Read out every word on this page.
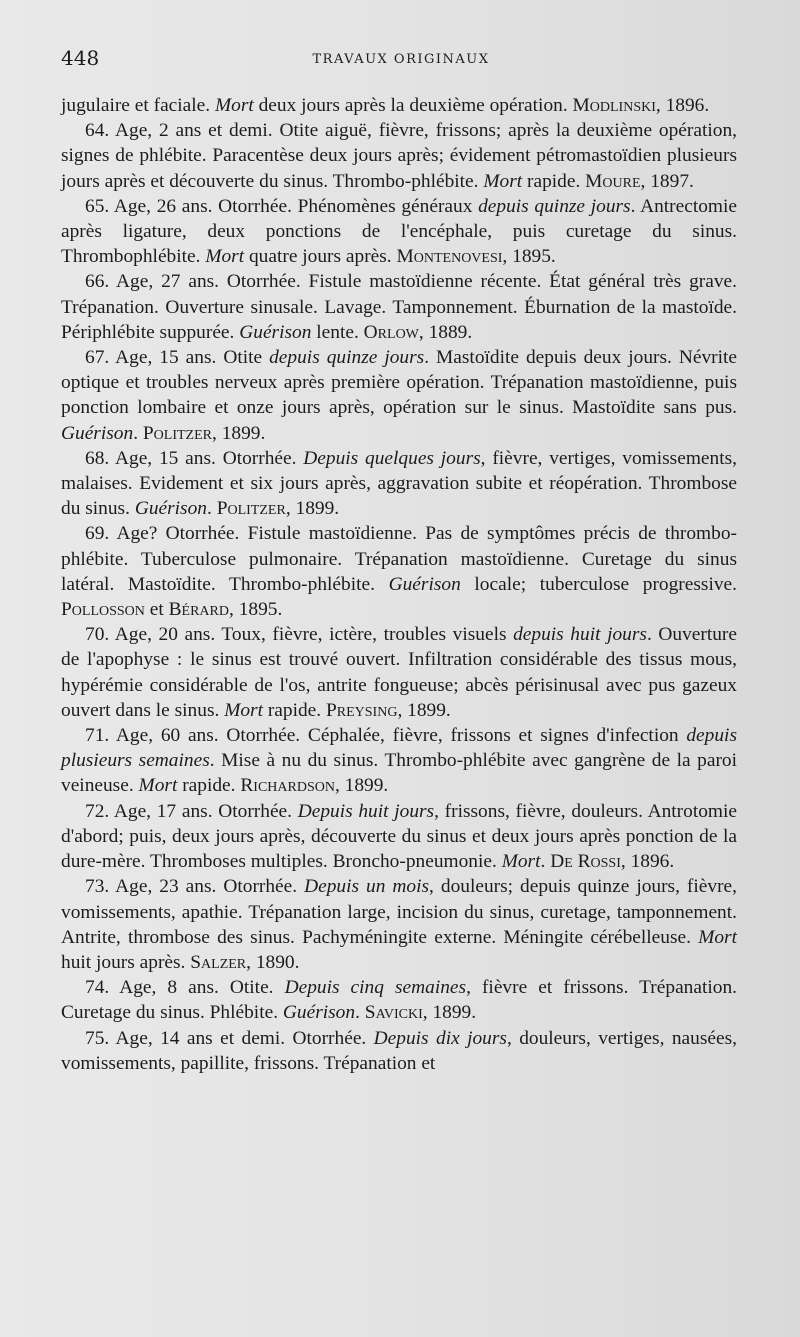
448	TRAVAUX ORIGINAUX

jugulaire et faciale. Mort deux jours après la deuxième opération. Modlinski, 1896.

64. Age, 2 ans et demi. Otite aiguë, fièvre, frissons; après la deuxième opération, signes de phlébite. Paracentèse deux jours après; évidement pétromastoïdien plusieurs jours après et découverte du sinus. Thrombo-phlébite. Mort rapide. Moure, 1897.

65. Age, 26 ans. Otorrhée. Phénomènes généraux depuis quinze jours. Antrectomie après ligature, deux ponctions de l'encéphale, puis curetage du sinus. Thrombophlébite. Mort quatre jours après. Montenovesi, 1895.

66. Age, 27 ans. Otorrhée. Fistule mastoïdienne récente. État général très grave. Trépanation. Ouverture sinusale. Lavage. Tamponnement. Éburnation de la mastoïde. Périphlébite suppurée. Guérison lente. Orlow, 1889.

67. Age, 15 ans. Otite depuis quinze jours. Mastoïdite depuis deux jours. Névrite optique et troubles nerveux après première opération. Trépanation mastoïdienne, puis ponction lombaire et onze jours après, opération sur le sinus. Mastoïdite sans pus. Guérison. Politzer, 1899.

68. Age, 15 ans. Otorrhée. Depuis quelques jours, fièvre, vertiges, vomissements, malaises. Evidement et six jours après, aggravation subite et réopération. Thrombose du sinus. Guérison. Politzer, 1899.

69. Age? Otorrhée. Fistule mastoïdienne. Pas de symptômes précis de thrombo-phlébite. Tuberculose pulmonaire. Trépanation mastoïdienne. Curetage du sinus latéral. Mastoïdite. Thrombo-phlébite. Guérison locale; tuberculose progressive. Pollosson et Bérard, 1895.

70. Age, 20 ans. Toux, fièvre, ictère, troubles visuels depuis huit jours. Ouverture de l'apophyse : le sinus est trouvé ouvert. Infiltration considérable des tissus mous, hypérémie considérable de l'os, antrite fongueuse; abcès périsinusal avec pus gazeux ouvert dans le sinus. Mort rapide. Preysing, 1899.

71. Age, 60 ans. Otorrhée. Céphalée, fièvre, frissons et signes d'infection depuis plusieurs semaines. Mise à nu du sinus. Thrombo-phlébite avec gangrène de la paroi veineuse. Mort rapide. Richardson, 1899.

72. Age, 17 ans. Otorrhée. Depuis huit jours, frissons, fièvre, douleurs. Antrotomie d'abord; puis, deux jours après, découverte du sinus et deux jours après ponction de la dure-mère. Thromboses multiples. Broncho-pneumonie. Mort. De Rossi, 1896.

73. Age, 23 ans. Otorrhée. Depuis un mois, douleurs; depuis quinze jours, fièvre, vomissements, apathie. Trépanation large, incision du sinus, curetage, tamponnement. Antrite, thrombose des sinus. Pachyméningite externe. Méningite cérébelleuse. Mort huit jours après. Salzer, 1890.

74. Age, 8 ans. Otite. Depuis cinq semaines, fièvre et frissons. Trépanation. Curetage du sinus. Phlébite. Guérison. Savicki, 1899.

75. Age, 14 ans et demi. Otorrhée. Depuis dix jours, douleurs, vertiges, nausées, vomissements, papillite, frissons. Trépanation et
